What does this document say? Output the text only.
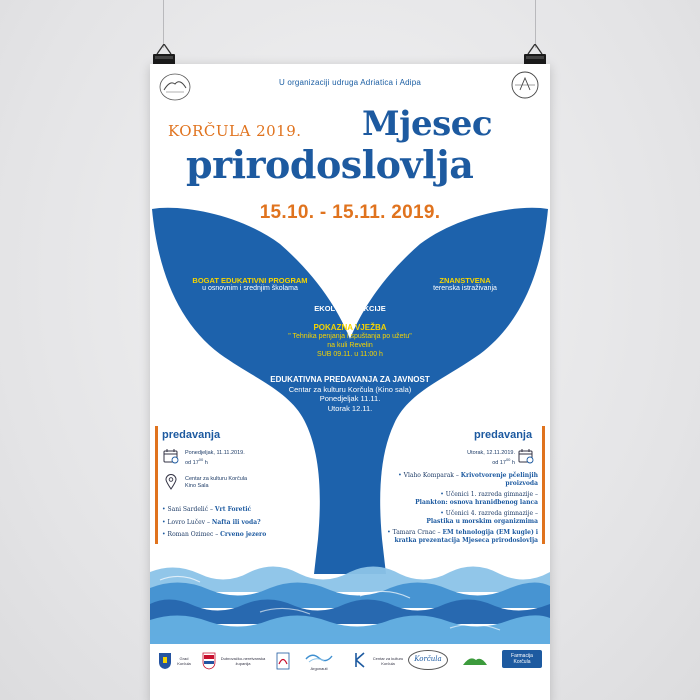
U organizaciji udruga Adriatica i Adipa
KORČULA 2019. Mjesec
prirodoslovlja
15.10. - 15.11. 2019.
BOGAT EDUKATIVNI PROGRAM
u osnovnim i srednjim školama
ZNANSTVENA
terenska istraživanja
EKOLOŠKE AKCIJE
POKAZNA VJEŽBA
" Tehnika penjanja i spuštanja po užetu"
na kuli Revelin
SUB 09.11. u 11:00 h
EDUKATIVNA PREDAVANJA ZA JAVNOST
Centar za kulturu Korčula (Kino sala)
Ponedjeljak 11.11.
Utorak 12.11.
predavanja
Ponedjeljak, 11.11.2019.
od $17^{00}$ h
Centar za kulturu Korčula
Kino Sala
• Sani Sardelić – Vrt Foretić
• Lovro Lučev – Nafta ili voda?
• Roman Ozimec – Crveno jezero
predavanja
Utorak, 12.11.2019.
od $17^{00}$ h
• Vlaho Komparak – Krivotvorenje pčelinjih proizvoda
• Učenici 1. razreda gimnazije –
Plankton: osnova hranidbenog lanca
• Učenici 4. razreda gimnazije –
Plastika u morskim organizmima
• Tamara Crnac – EM tehnologija (EM kugle) i kratka prezentacija Mjeseca prirodoslovlja
Grad Korčula
Dubrovačko-neretvanska županija
Argonauti
Centar za kulturu Korčula
Korčula	Farmacija Korčula
